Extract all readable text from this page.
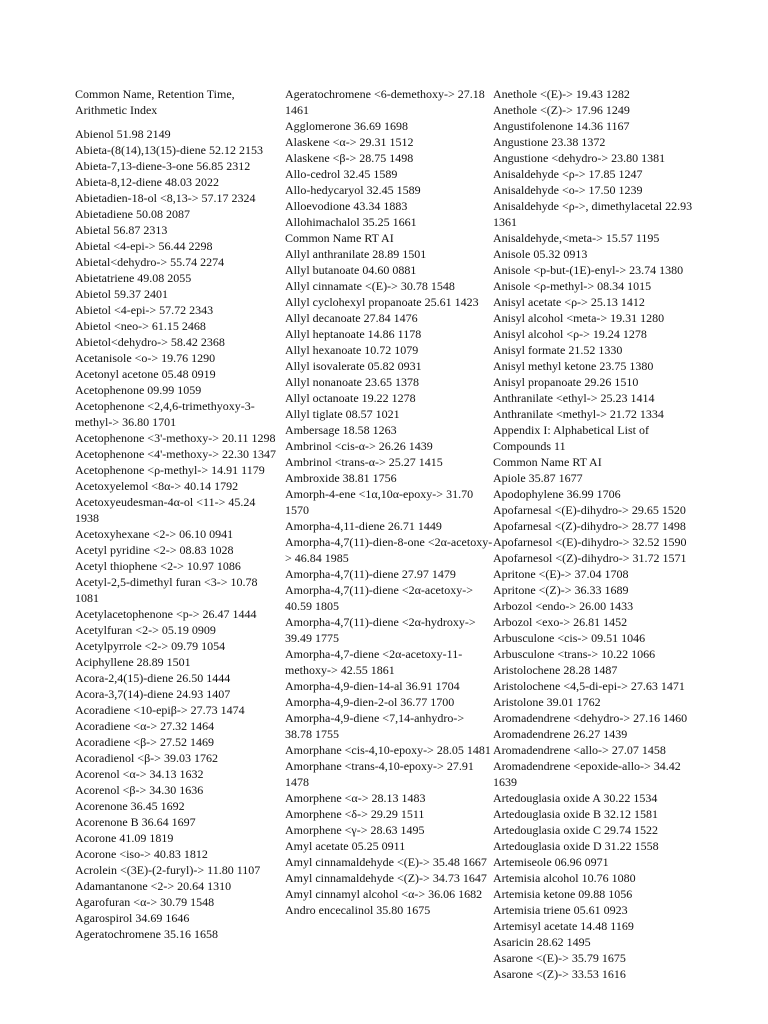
Common Name, Retention Time, Arithmetic Index
Abienol 51.98 2149
Abieta-(8(14),13(15)-diene 52.12 2153
Abieta-7,13-diene-3-one 56.85 2312
Abieta-8,12-diene 48.03 2022
Abietadien-18-ol <8,13-> 57.17 2324
Abietadiene 50.08 2087
Abietal 56.87 2313
Abietal <4-epi-> 56.44 2298
Abietal<dehydro-> 55.74 2274
Abietatriene 49.08 2055
Abietol 59.37 2401
Abietol <4-epi-> 57.72 2343
Abietol <neo-> 61.15 2468
Abietol<dehydro-> 58.42 2368
Acetanisole <o-> 19.76 1290
Acetonyl acetone 05.48 0919
Acetophenone 09.99 1059
Acetophenone <2,4,6-trimethyoxy-3-methyl-> 36.80 1701
Acetophenone <3'-methoxy-> 20.11 1298
Acetophenone <4'-methoxy-> 22.30 1347
Acetophenone <ρ-methyl-> 14.91 1179
Acetoxyelemol <8α-> 40.14 1792
Acetoxyeudesman-4α-ol <11-> 45.24 1938
Acetoxyhexane <2-> 06.10 0941
Acetyl pyridine <2-> 08.83 1028
Acetyl thiophene <2-> 10.97 1086
Acetyl-2,5-dimethyl furan <3-> 10.78 1081
Acetylacetophenone <p-> 26.47 1444
Acetylfuran <2-> 05.19 0909
Acetylpyrrole <2-> 09.79 1054
Aciphyllene 28.89 1501
Acora-2,4(15)-diene 26.50 1444
Acora-3,7(14)-diene 24.93 1407
Acoradiene <10-epiβ-> 27.73 1474
Acoradiene <α-> 27.32 1464
Acoradiene <β-> 27.52 1469
Acoradienol <β-> 39.03 1762
Acorenol <α-> 34.13 1632
Acorenol <β-> 34.30 1636
Acorenone 36.45 1692
Acorenone B 36.64 1697
Acorone 41.09 1819
Acorone <iso-> 40.83 1812
Acrolein <(3E)-(2-furyl)-> 11.80 1107
Adamantanone <2-> 20.64 1310
Agarofuran <α-> 30.79 1548
Agarospirol 34.69 1646
Ageratochromene 35.16 1658
Ageratochromene <6-demethoxy-> 27.18 1461
Agglomerone 36.69 1698
Alaskene <α-> 29.31 1512
Alaskene <β-> 28.75 1498
Allo-cedrol 32.45 1589
Allo-hedycaryol 32.45 1589
Alloevodione 43.34 1883
Allohimachalol 35.25 1661
Common Name RT AI
Allyl anthranilate 28.89 1501
Allyl butanoate 04.60 0881
Allyl cinnamate <(E)-> 30.78 1548
Allyl cyclohexyl propanoate 25.61 1423
Allyl decanoate 27.84 1476
Allyl heptanoate 14.86 1178
Allyl hexanoate 10.72 1079
Allyl isovalerate 05.82 0931
Allyl nonanoate 23.65 1378
Allyl octanoate 19.22 1278
Allyl tiglate 08.57 1021
Ambersage 18.58 1263
Ambrinol <cis-α-> 26.26 1439
Ambrinol <trans-α-> 25.27 1415
Ambroxide 38.81 1756
Amorph-4-ene <1α,10α-epoxy-> 31.70 1570
Amorpha-4,11-diene 26.71 1449
Amorpha-4,7(11)-dien-8-one <2α-acetoxy-> 46.84 1985
Amorpha-4,7(11)-diene 27.97 1479
Amorpha-4,7(11)-diene <2α-acetoxy-> 40.59 1805
Amorpha-4,7(11)-diene <2α-hydroxy-> 39.49 1775
Amorpha-4,7-diene <2α-acetoxy-11-methoxy-> 42.55 1861
Amorpha-4,9-dien-14-al 36.91 1704
Amorpha-4,9-dien-2-ol 36.77 1700
Amorpha-4,9-diene <7,14-anhydro-> 38.78 1755
Amorphane <cis-4,10-epoxy-> 28.05 1481
Amorphane <trans-4,10-epoxy-> 27.91 1478
Amorphene <α-> 28.13 1483
Amorphene <δ-> 29.29 1511
Amorphene <γ-> 28.63 1495
Amyl acetate 05.25 0911
Amyl cinnamaldehyde <(E)-> 35.48 1667
Amyl cinnamaldehyde <(Z)-> 34.73 1647
Amyl cinnamyl alcohol <α-> 36.06 1682
Andro encecalinol 35.80 1675
Anethole <(E)-> 19.43 1282
Anethole <(Z)-> 17.96 1249
Angustifolenone 14.36 1167
Angustione 23.38 1372
Angustione <dehydro-> 23.80 1381
Anisaldehyde <ρ-> 17.85 1247
Anisaldehyde <o-> 17.50 1239
Anisaldehyde <ρ->, dimethylacetal 22.93 1361
Anisaldehyde,<meta-> 15.57 1195
Anisole 05.32 0913
Anisole <p-but-(1E)-enyl-> 23.74 1380
Anisole <ρ-methyl-> 08.34 1015
Anisyl acetate <ρ-> 25.13 1412
Anisyl alcohol <meta-> 19.31 1280
Anisyl alcohol <ρ-> 19.24 1278
Anisyl formate 21.52 1330
Anisyl methyl ketone 23.75 1380
Anisyl propanoate 29.26 1510
Anthranilate <ethyl-> 25.23 1414
Anthranilate <methyl-> 21.72 1334
Appendix I: Alphabetical List of Compounds 11
Common Name RT AI
Apiole 35.87 1677
Apodophylene 36.99 1706
Apofarnesal <(E)-dihydro-> 29.65 1520
Apofarnesal <(Z)-dihydro-> 28.77 1498
Apofarnesol <(E)-dihydro-> 32.52 1590
Apofarnesol <(Z)-dihydro-> 31.72 1571
Apritone <(E)-> 37.04 1708
Apritone <(Z)-> 36.33 1689
Arbozol <endo-> 26.00 1433
Arbozol <exo-> 26.81 1452
Arbusculone <cis-> 09.51 1046
Arbusculone <trans-> 10.22 1066
Aristolochene 28.28 1487
Aristolochene <4,5-di-epi-> 27.63 1471
Aristolone 39.01 1762
Aromadendrene <dehydro-> 27.16 1460
Aromadendrene 26.27 1439
Aromadendrene <allo-> 27.07 1458
Aromadendrene <epoxide-allo-> 34.42 1639
Artedouglasia oxide A 30.22 1534
Artedouglasia oxide B 32.12 1581
Artedouglasia oxide C 29.74 1522
Artedouglasia oxide D 31.22 1558
Artemiseole 06.96 0971
Artemisia alcohol 10.76 1080
Artemisia ketone 09.88 1056
Artemisia triene 05.61 0923
Artemisyl acetate 14.48 1169
Asaricin 28.62 1495
Asarone <(E)-> 35.79 1675
Asarone <(Z)-> 33.53 1616
